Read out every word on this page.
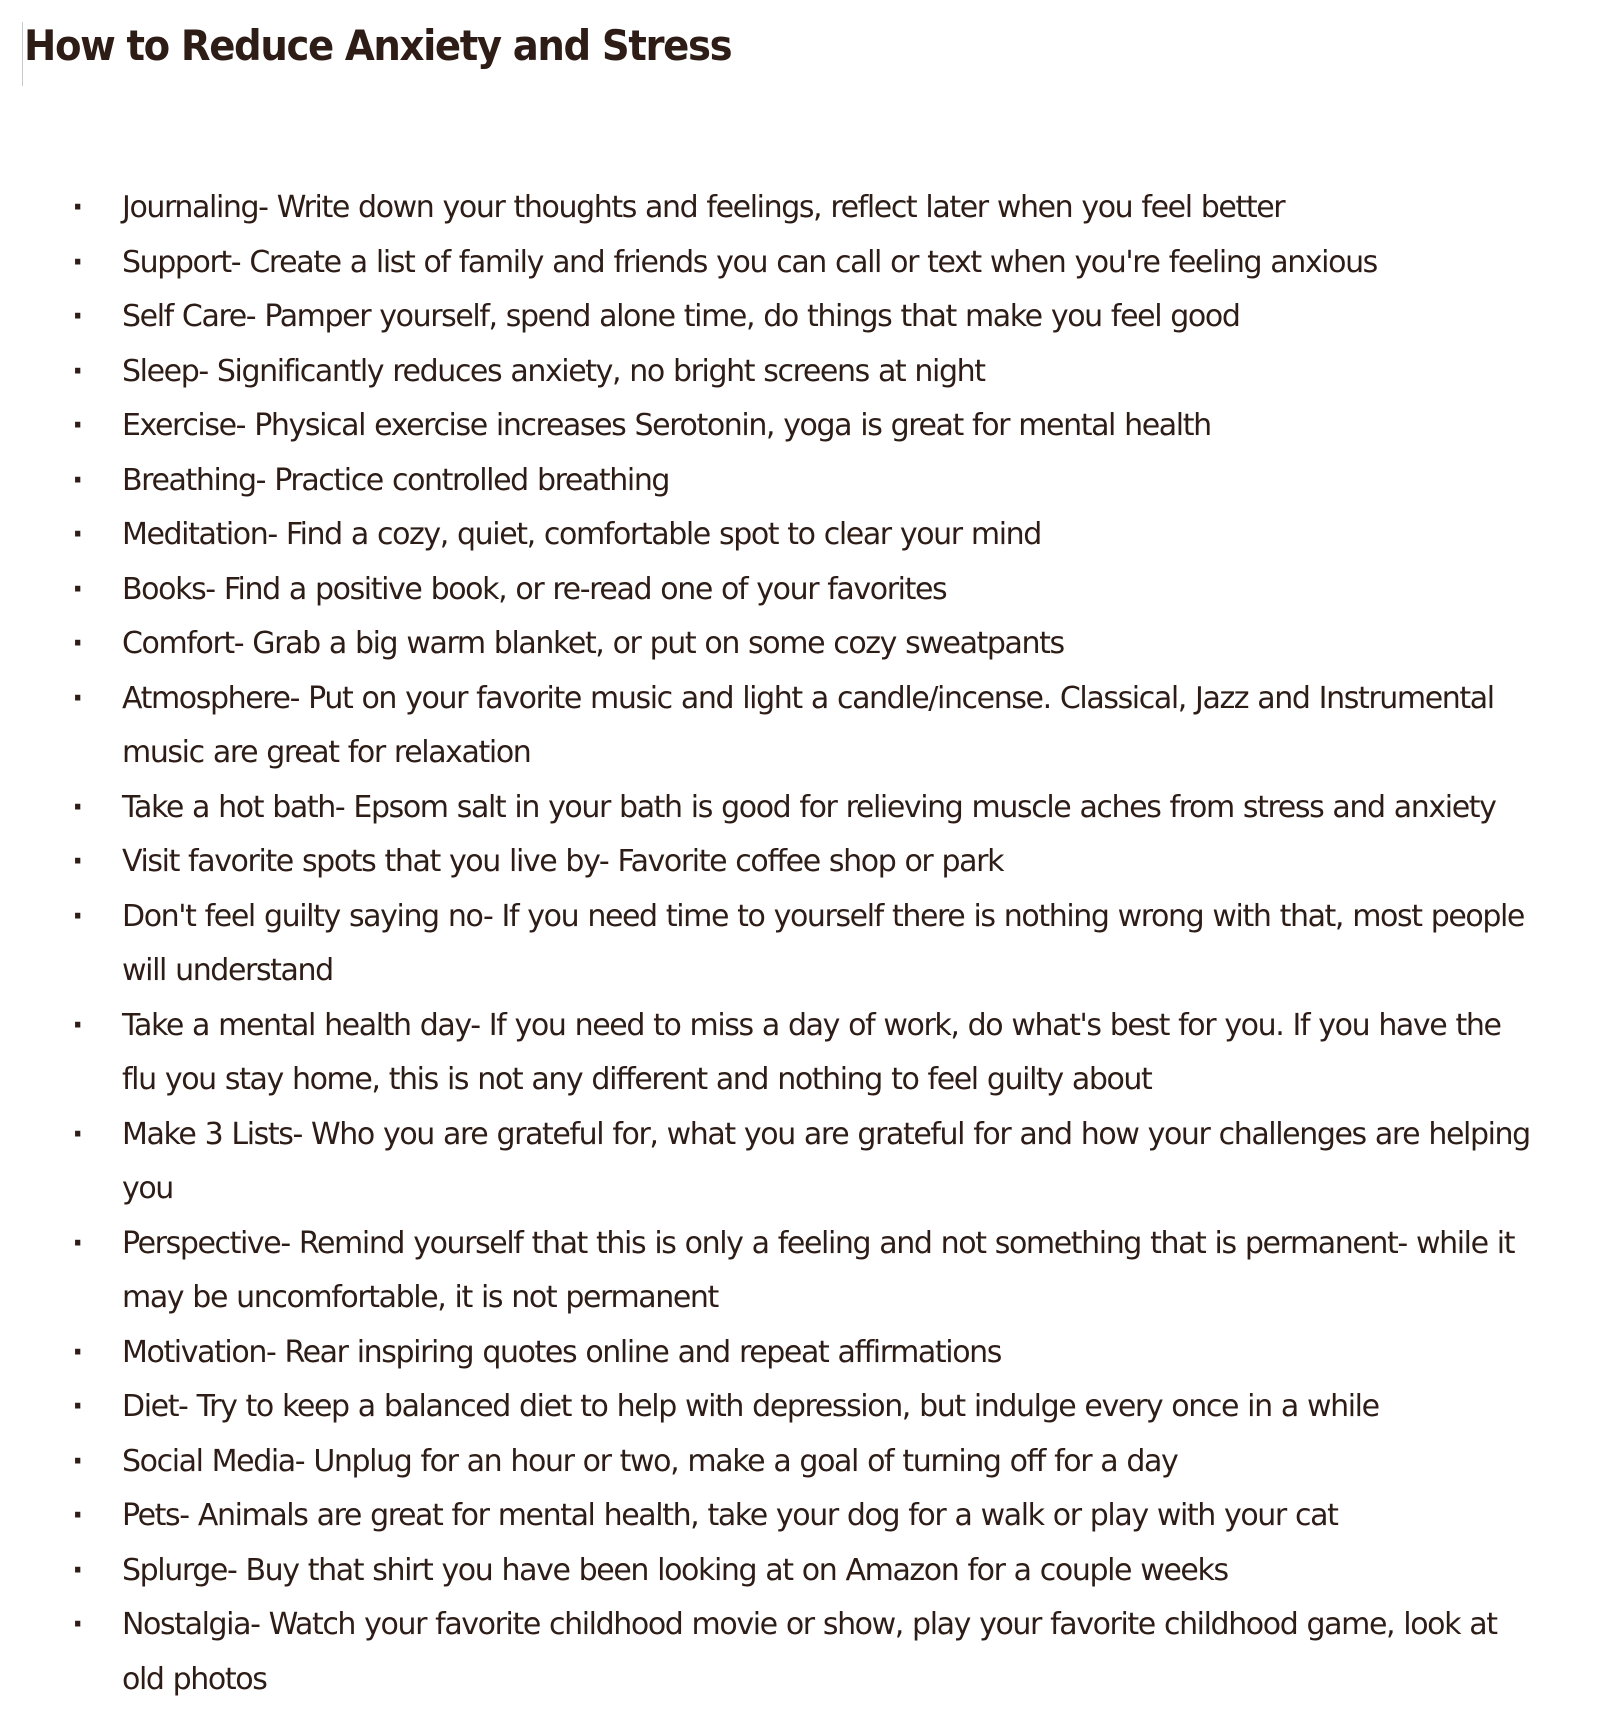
How to Reduce Anxiety and Stress
· Journaling- Write down your thoughts and feelings, reflect later when you feel better
· Support- Create a list of family and friends you can call or text when you're feeling anxious
· Self Care- Pamper yourself, spend alone time, do things that make you feel good
· Sleep- Significantly reduces anxiety, no bright screens at night
· Exercise- Physical exercise increases Serotonin, yoga is great for mental health
· Breathing- Practice controlled breathing
· Meditation- Find a cozy, quiet, comfortable spot to clear your mind
· Books- Find a positive book, or re-read one of your favorites
· Comfort- Grab a big warm blanket, or put on some cozy sweatpants
· Atmosphere- Put on your favorite music and light a candle/incense. Classical, Jazz and Instrumental music are great for relaxation
· Take a hot bath- Epsom salt in your bath is good for relieving muscle aches from stress and anxiety
· Visit favorite spots that you live by- Favorite coffee shop or park
· Don't feel guilty saying no- If you need time to yourself there is nothing wrong with that, most people will understand
· Take a mental health day- If you need to miss a day of work, do what's best for you. If you have the flu you stay home, this is not any different and nothing to feel guilty about
· Make 3 Lists- Who you are grateful for, what you are grateful for and how your challenges are helping you
· Perspective- Remind yourself that this is only a feeling and not something that is permanent- while it may be uncomfortable, it is not permanent
· Motivation- Rear inspiring quotes online and repeat affirmations
· Diet- Try to keep a balanced diet to help with depression, but indulge every once in a while
· Social Media- Unplug for an hour or two, make a goal of turning off for a day
· Pets- Animals are great for mental health, take your dog for a walk or play with your cat
· Splurge- Buy that shirt you have been looking at on Amazon for a couple weeks
· Nostalgia- Watch your favorite childhood movie or show, play your favorite childhood game, look at old photos
